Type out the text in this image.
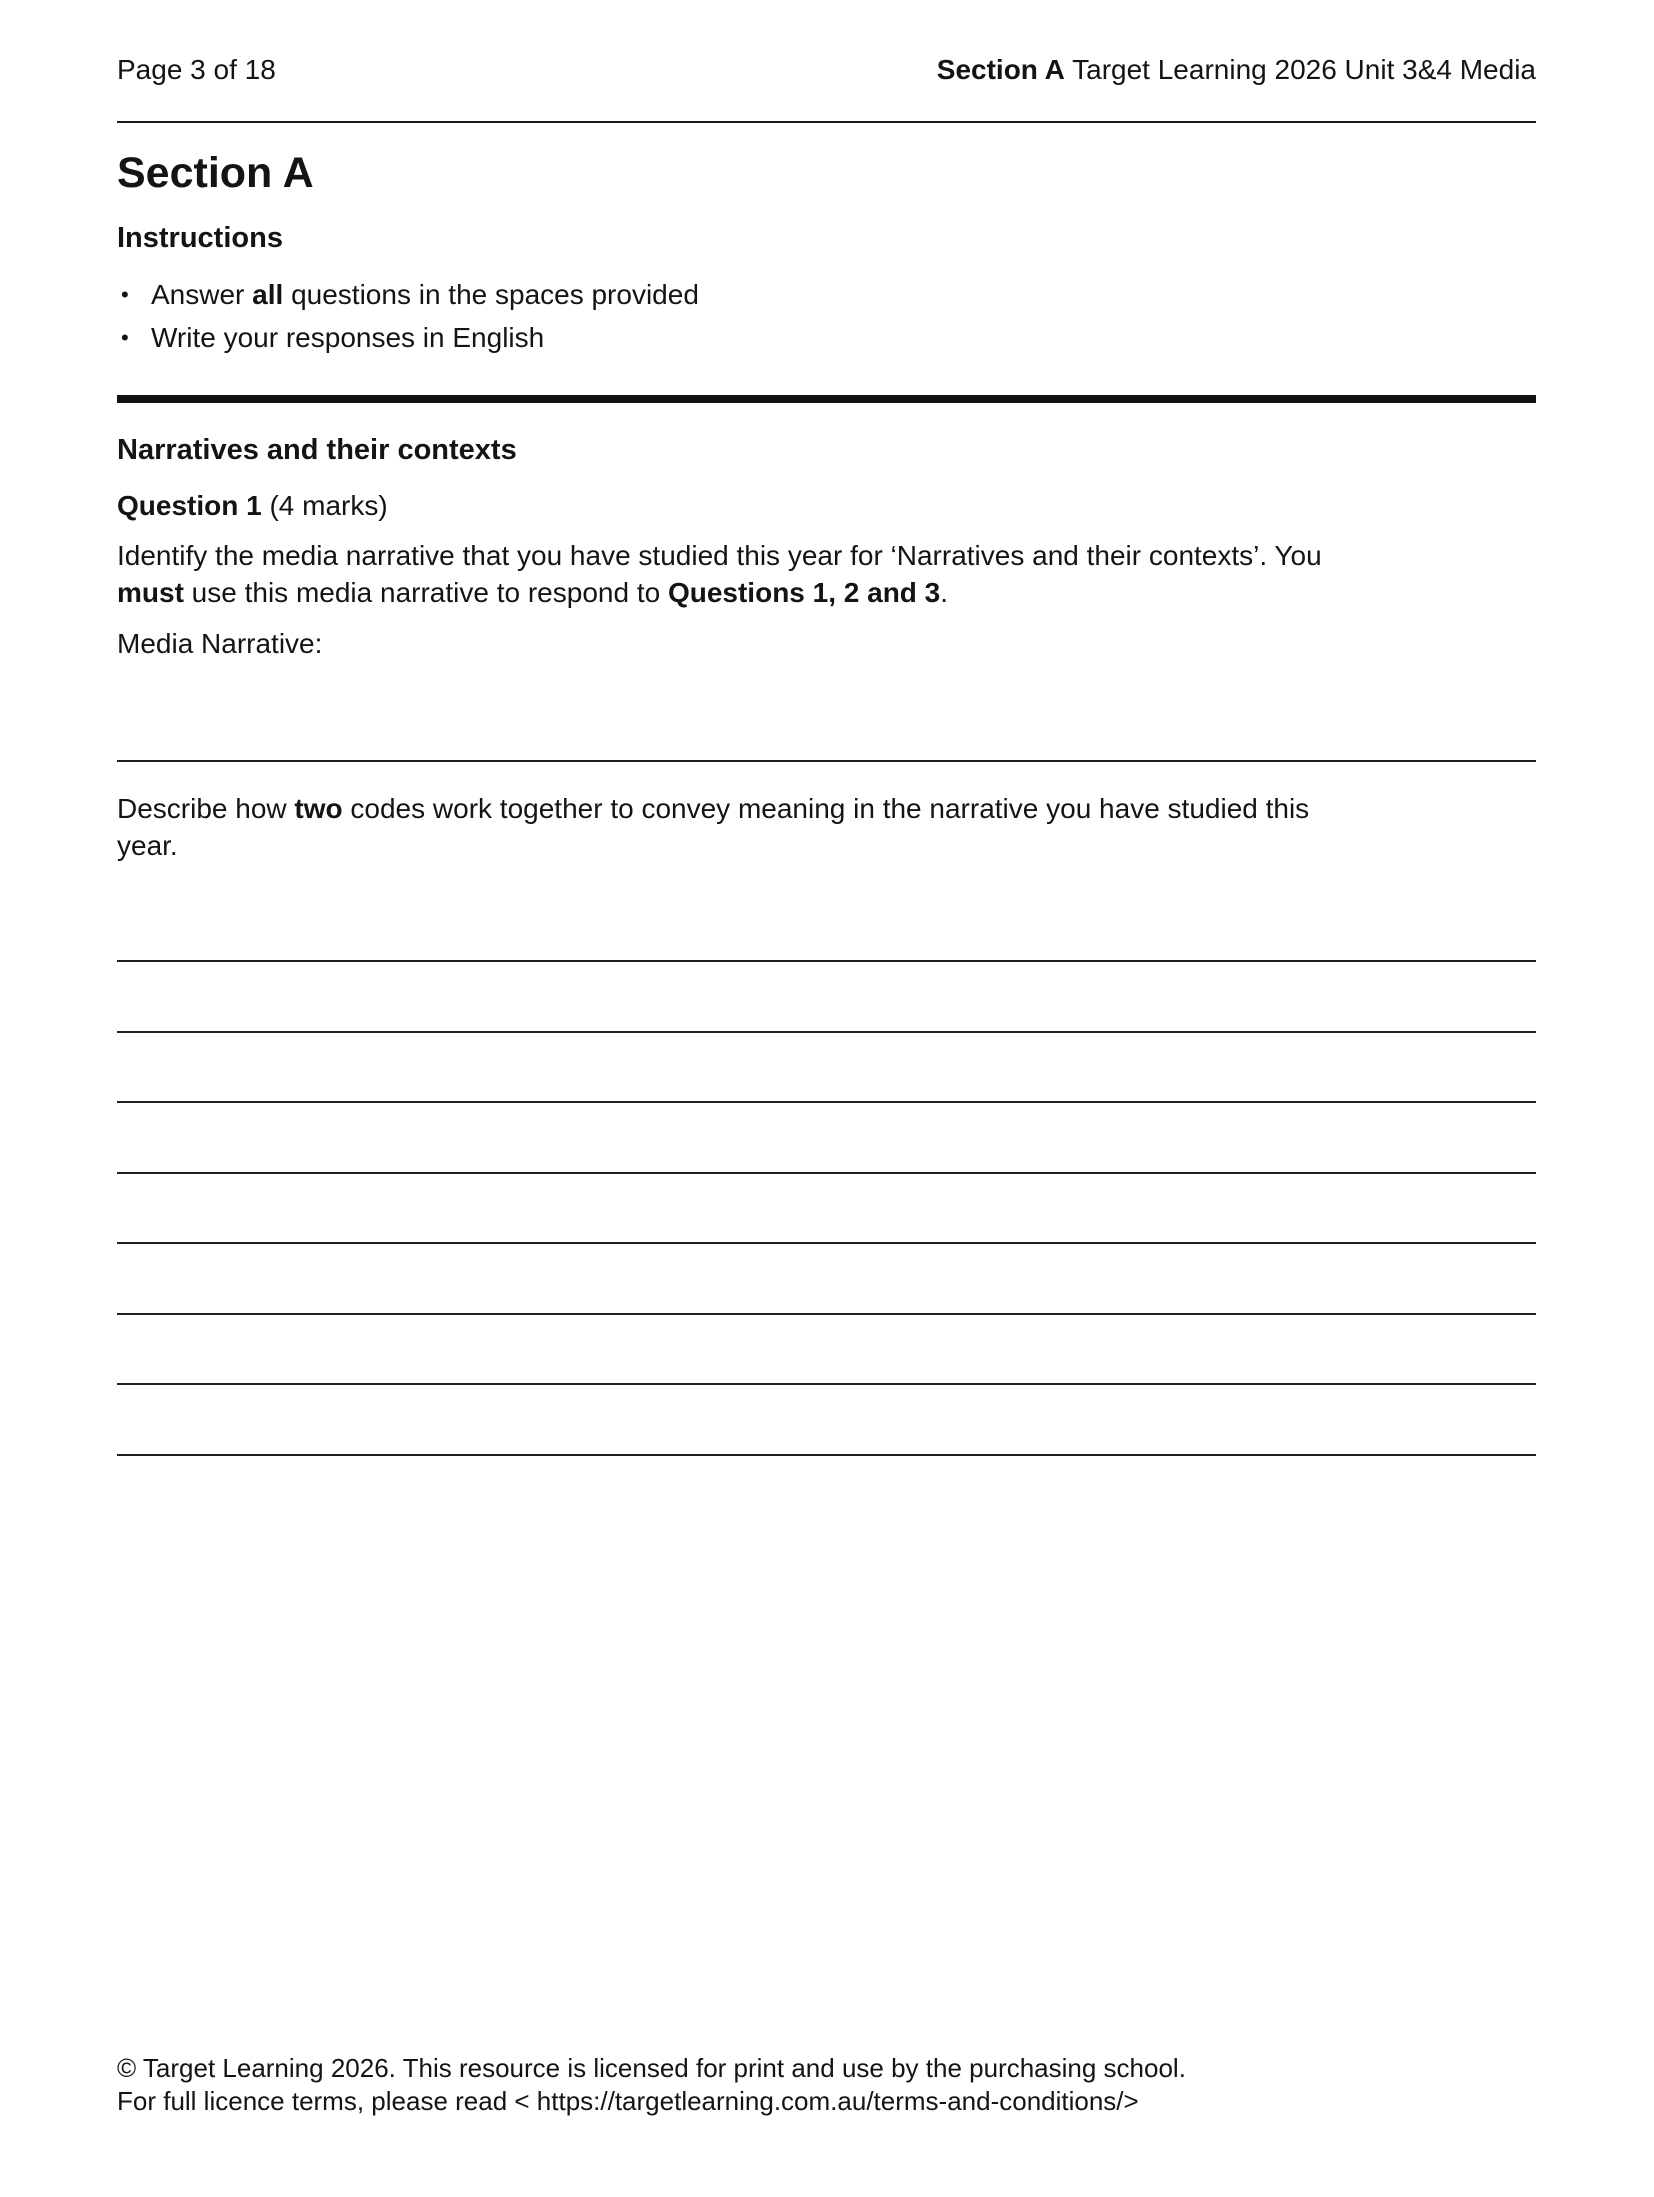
Page 3 of 18	Section A Target Learning 2026 Unit 3&4 Media
Section A
Instructions
• Answer all questions in the spaces provided
• Write your responses in English
Narratives and their contexts

Question 1 (4 marks)

Identify the media narrative that you have studied this year for ‘Narratives and their contexts’. You
must use this media narrative to respond to Questions 1, 2 and 3.

Media Narrative:

Describe how two codes work together to convey meaning in the narrative you have studied this
year.

© Target Learning 2026. This resource is licensed for print and use by the purchasing school.
For full licence terms, please read < https://targetlearning.com.au/terms-and-conditions/>
